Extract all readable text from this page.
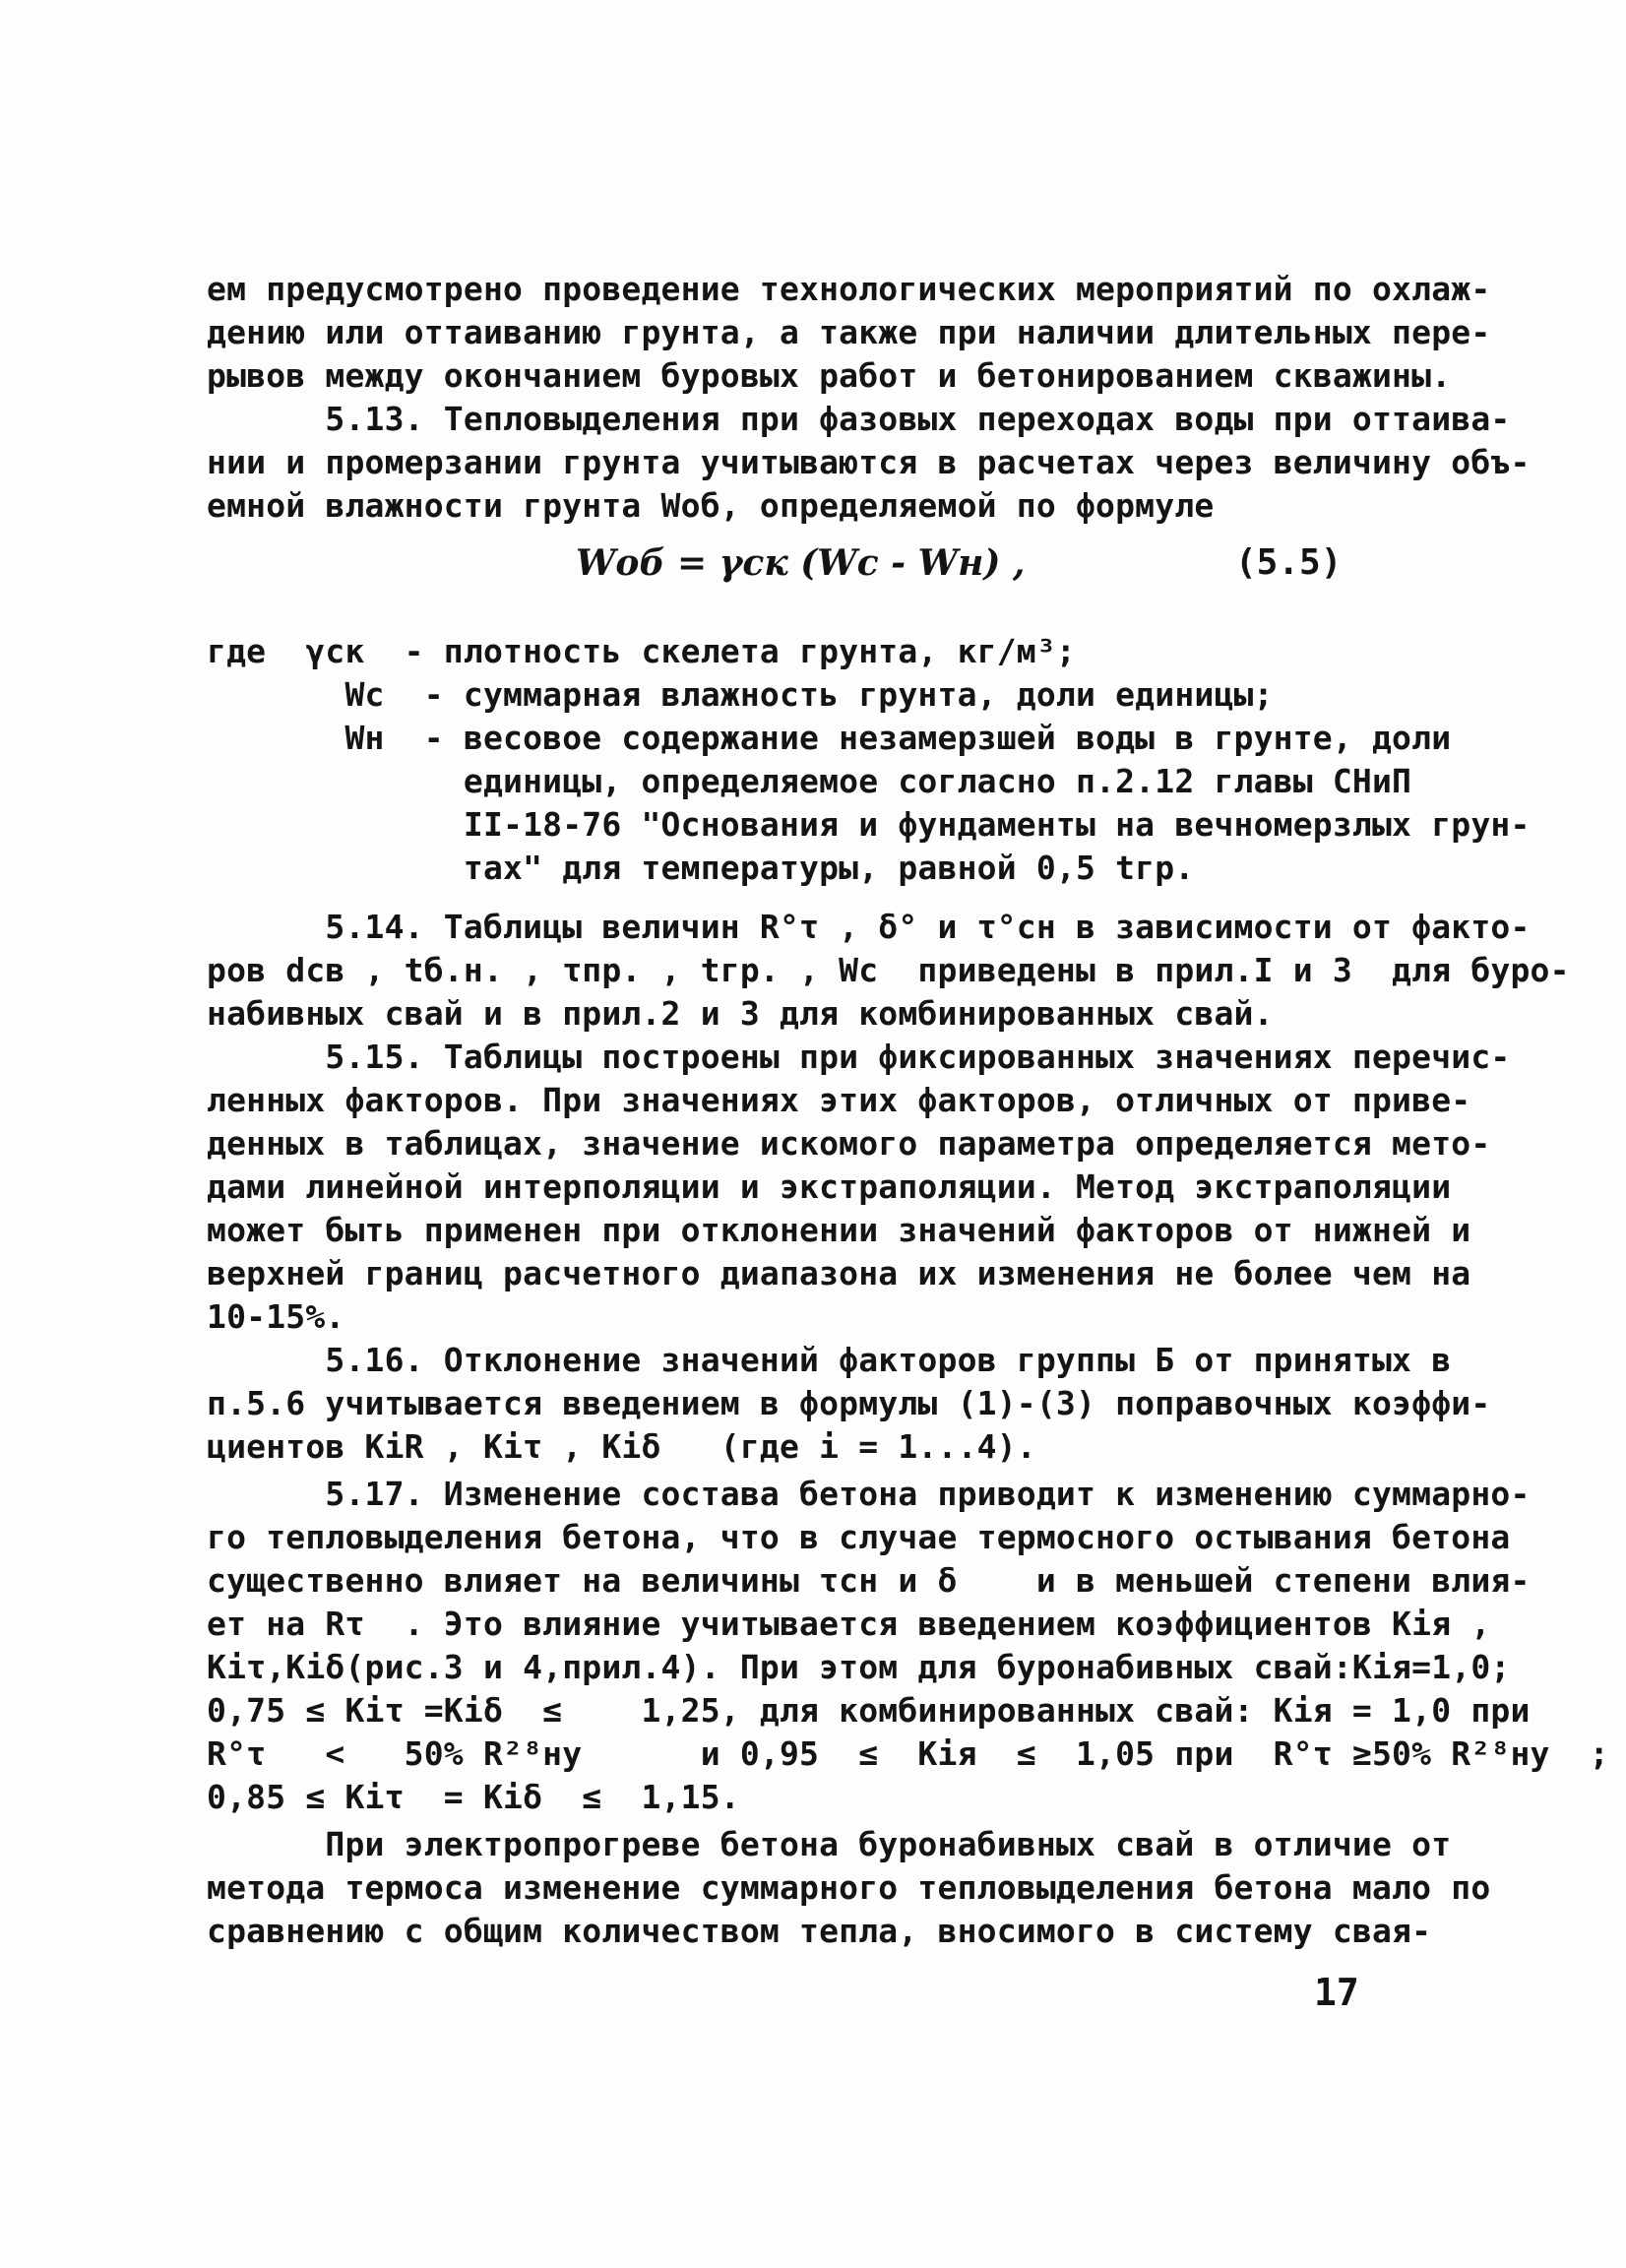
ем предусмотрено проведение технологических мероприятий по охлаж-
дению или оттаиванию грунта, а также при наличии длительных пере-
рывов между окончанием буровых работ и бетонированием скважины.
5.13. Тепловыделения при фазовых переходах воды при оттаива-
нии и промерзании грунта учитываются в расчетах через величину объ-
емной влажности грунта Wоб, определяемой по формуле
Wоб = γск (Wс - Wн) ,	(5.5)
где  γск  - плотность скелета грунта, кг/м³;
Wс  - суммарная влажность грунта, доли единицы;
Wн  - весовое содержание незамерзшей воды в грунте, доли
единицы, определяемое согласно п.2.12 главы СНиП
II-18-76 "Основания и фундаменты на вечномерзлых грун-
тах" для температуры, равной 0,5 tгр.
5.14. Таблицы величин R°τ , δ° и τ°сн в зависимости от факто-
ров dсв , tб.н. , τпр. , tгр. , Wс  приведены в прил.I и 3  для буро-
набивных свай и в прил.2 и 3 для комбинированных свай.
5.15. Таблицы построены при фиксированных значениях перечис-
ленных факторов. При значениях этих факторов, отличных от приве-
денных в таблицах, значение искомого параметра определяется мето-
дами линейной интерполяции и экстраполяции. Метод экстраполяции
может быть применен при отклонении значений факторов от нижней и
верхней границ расчетного диапазона их изменения не более чем на
10-15%.
5.16. Отклонение значений факторов группы Б от принятых в
п.5.6 учитывается введением в формулы (1)-(3) поправочных коэффи-
циентов KiR , Kiτ , Kiδ   (где i = 1...4).
5.17. Изменение состава бетона приводит к изменению суммарно-
го тепловыделения бетона, что в случае термосного остывания бетона
существенно влияет на величины τсн и δ    и в меньшей степени влия-
ет на Rτ  . Это влияние учитывается введением коэффициентов Kiя ,
Kiτ,Kiδ(рис.3 и 4,прил.4). При этом для буронабивных свай:Kiя=1,0;
0,75 ≤ Kiτ =Kiδ  ≤    1,25, для комбинированных свай: Kiя = 1,0 при
R°τ   <   50% R²⁸ну      и 0,95  ≤  Kiя  ≤  1,05 при  R°τ ≥50% R²⁸ну  ;
0,85 ≤ Kiτ  = Kiδ  ≤  1,15.
При электропрогреве бетона буронабивных свай в отличие от
метода термоса изменение суммарного тепловыделения бетона мало по
сравнению с общим количеством тепла, вносимого в систему свая-
17
